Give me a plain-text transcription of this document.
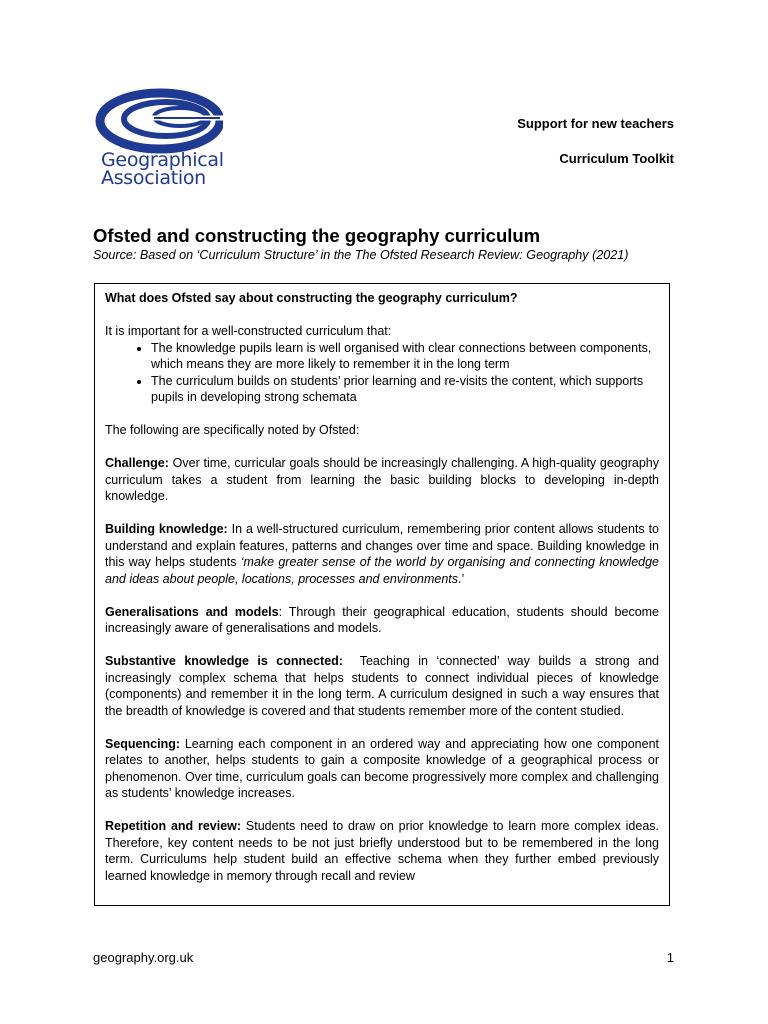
Geographical
Association
Support for new teachers
Curriculum Toolkit
Ofsted and constructing the geography curriculum
Source: Based on ‘Curriculum Structure’ in the The Ofsted Research Review: Geography (2021)

What does Ofsted say about constructing the geography curriculum?

It is important for a well-constructed curriculum that:

• The knowledge pupils learn is well organised with clear connections between components, which means they are more likely to remember it in the long term
• The curriculum builds on students’ prior learning and re-visits the content, which supports pupils in developing strong schemata

The following are specifically noted by Ofsted:

Challenge: Over time, curricular goals should be increasingly challenging. A high-quality geography curriculum takes a student from learning the basic building blocks to developing in-depth knowledge.

Building knowledge: In a well-structured curriculum, remembering prior content allows students to understand and explain features, patterns and changes over time and space. Building knowledge in this way helps students ‘make greater sense of the world by organising and connecting knowledge and ideas about people, locations, processes and environments.’

Generalisations and models: Through their geographical education, students should become increasingly aware of generalisations and models.

Substantive knowledge is connected:  Teaching in ‘connected’ way builds a strong and increasingly complex schema that helps students to connect individual pieces of knowledge (components) and remember it in the long term. A curriculum designed in such a way ensures that the breadth of knowledge is covered and that students remember more of the content studied.

Sequencing: Learning each component in an ordered way and appreciating how one component relates to another, helps students to gain a composite knowledge of a geographical process or phenomenon. Over time, curriculum goals can become progressively more complex and challenging as students’ knowledge increases.

Repetition and review: Students need to draw on prior knowledge to learn more complex ideas. Therefore, key content needs to be not just briefly understood but to be remembered in the long term. Curriculums help student build an effective schema when they further embed previously learned knowledge in memory through recall and review

geography.org.uk	1
